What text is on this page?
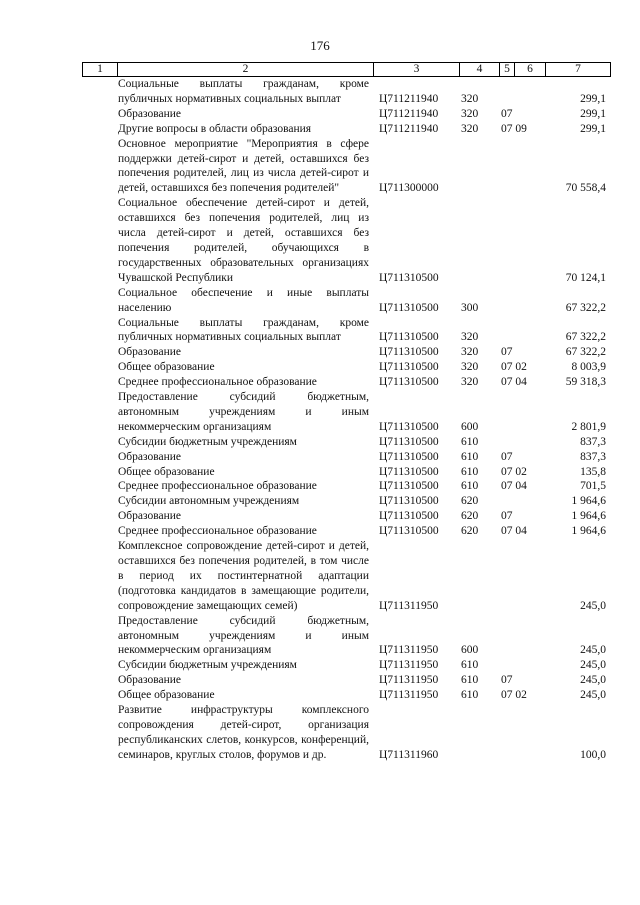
176
1	2	3	4	5	6	7
Социальные выплаты гражданам, кроме публичных нормативных социальных выплат	Ц711211940	320		299,1
Образование	Ц711211940	320	07	299,1
Другие вопросы в области образования	Ц711211940	320	07 09	299,1
Основное мероприятие "Мероприятия в сфере поддержки детей-сирот и детей, оставшихся без попечения родителей, лиц из числа детей-сирот и детей, оставшихся без попечения родителей"	Ц711300000			70 558,4
Социальное обеспечение детей-сирот и детей, оставшихся без попечения родителей, лиц из числа детей-сирот и детей, оставшихся без попечения родителей, обучающихся в государственных образовательных организациях Чувашской Республики	Ц711310500			70 124,1
Социальное обеспечение и иные выплаты населению	Ц711310500	300		67 322,2
Социальные выплаты гражданам, кроме публичных нормативных социальных выплат	Ц711310500	320		67 322,2
Образование	Ц711310500	320	07	67 322,2
Общее образование	Ц711310500	320	07 02	8 003,9
Среднее профессиональное образование	Ц711310500	320	07 04	59 318,3
Предоставление субсидий бюджетным, автономным учреждениям и иным некоммерческим организациям	Ц711310500	600		2 801,9
Субсидии бюджетным учреждениям	Ц711310500	610		837,3
Образование	Ц711310500	610	07	837,3
Общее образование	Ц711310500	610	07 02	135,8
Среднее профессиональное образование	Ц711310500	610	07 04	701,5
Субсидии автономным учреждениям	Ц711310500	620		1 964,6
Образование	Ц711310500	620	07	1 964,6
Среднее профессиональное образование	Ц711310500	620	07 04	1 964,6
Комплексное сопровождение детей-сирот и детей, оставшихся без попечения родителей, в том числе в период их постинтернатной адаптации (подготовка кандидатов в замещающие родители, сопровождение замещающих семей)	Ц711311950			245,0
Предоставление субсидий бюджетным, автономным учреждениям и иным некоммерческим организациям	Ц711311950	600		245,0
Субсидии бюджетным учреждениям	Ц711311950	610		245,0
Образование	Ц711311950	610	07	245,0
Общее образование	Ц711311950	610	07 02	245,0
Развитие инфраструктуры комплексного сопровождения детей-сирот, организация республиканских слетов, конкурсов, конференций, семинаров, круглых столов, форумов и др.	Ц711311960			100,0
